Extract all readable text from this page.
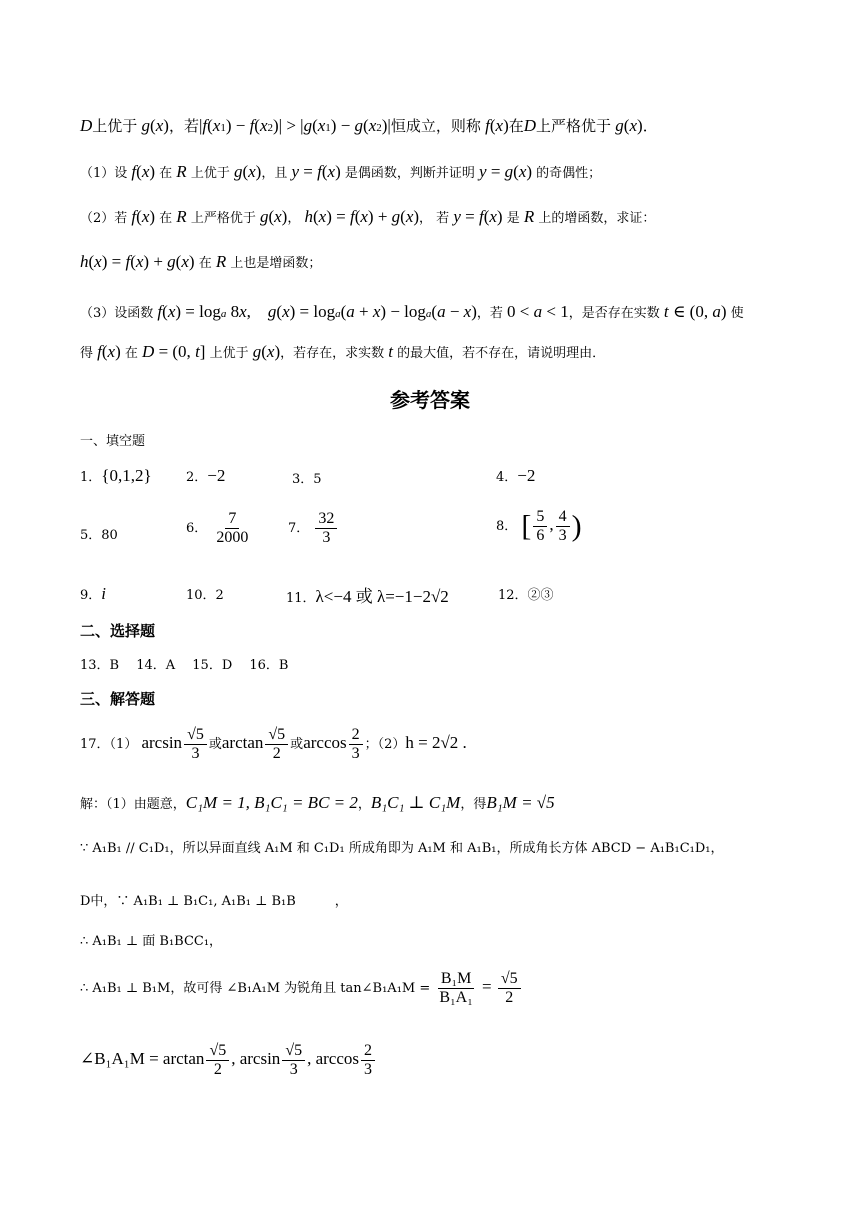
D上优于 g(x)，若|f(x1) − f(x2)| > |g(x1) − g(x2)|恒成立，则称 f(x)在D上严格优于 g(x)．
（1）设 f(x) 在 R 上优于 g(x)，且 y = f(x) 是偶函数，判断并证明 y = g(x) 的奇偶性；
（2）若 f(x) 在 R 上严格优于 g(x)， h(x) = f(x) + g(x)， 若 y = f(x) 是 R 上的增函数，求证：
h(x) = f(x) + g(x) 在 R 上也是增函数；
（3）设函数 f(x) = loga 8x,　g(x) = loga(a + x) − loga(a − x)，若 0 < a < 1，是否存在实数 t ∈ (0, a) 使
得 f(x) 在 D = (0, t] 上优于 g(x)，若存在，求实数 t 的最大值，若不存在，请说明理由．
参考答案
一、填空题
1．{0,1,2}	2．−2	3．5	4．−2
5．80	6． $\frac{7}{2000}$	7． $\frac{32}{3}$	8． [ $\frac{5}{6}$ , $\frac{4}{3}$ )
9．i	10．2	11．λ<−4 或 λ=−1−2√2	12．②③
二、选择题
13．B　 14．A　 15．D　 16．B
三、解答题
17．（1） $\arcsin \frac{√5}{3}$ 或$\arctan \frac{√5}{2}$ 或$\arccos \frac{2}{3}$ ；（2）h = 2√2 .
解：（1）由题意，C₁M = 1, B₁C₁ = BC = 2，B₁C₁ ⊥ C₁M，得B₁M = √5
∵ A₁B₁ // C₁D₁，所以异面直线 A₁M 和 C₁D₁ 所成角即为 A₁M 和 A₁B₁，所成角长方体 ABCD − A₁B₁C₁D₁，
D中，∵ A₁B₁ ⊥ B₁C₁, A₁B₁ ⊥ B₁B　　　，
∴ A₁B₁ ⊥ 面 B₁BCC₁，
∴ A₁B₁ ⊥ B₁M，故可得 ∠B₁A₁M 为锐角且 tan∠B₁A₁M = $\frac{\text{B₁M}}{\text{B₁A₁}} = \frac{√5}{2}$
∠B₁A₁M = $\arctan \frac{√5}{2}$ , $\arcsin \frac{√5}{3}$ , $\arccos \frac{2}{3}$
